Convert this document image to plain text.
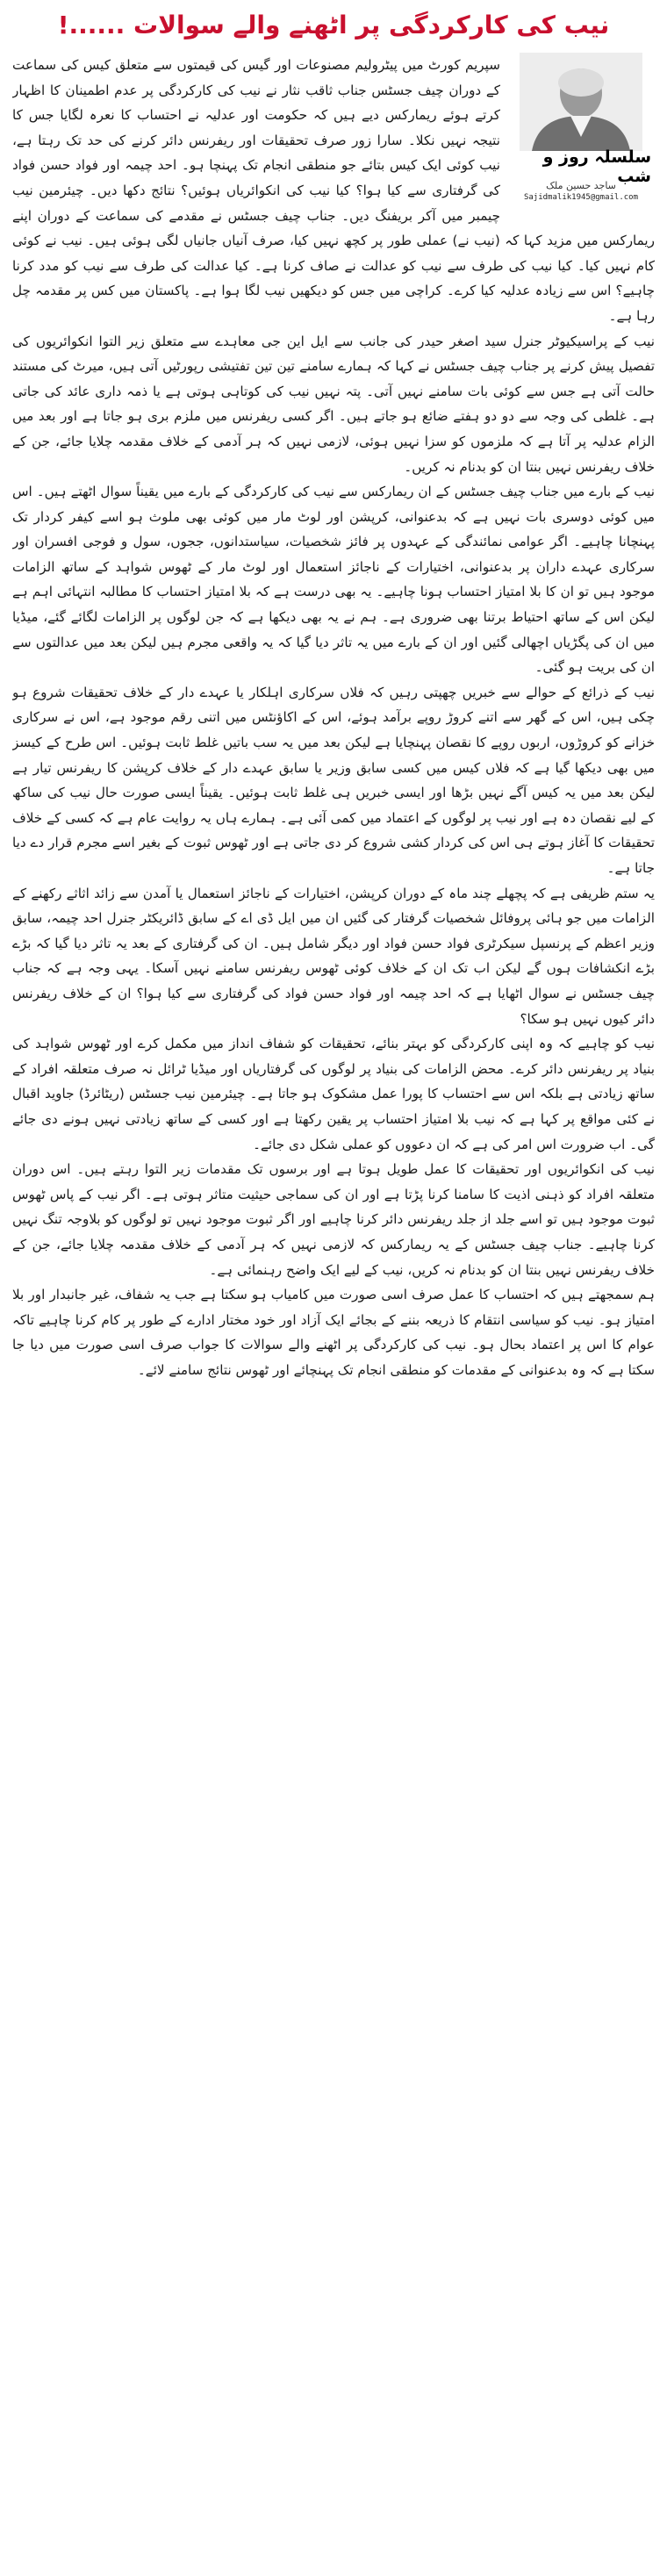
نیب کی کارکردگی پر اٹھنے والے سوالات ......!
سلسلہ روز و شب
ساجد حسین ملک
Sajidmalik1945@gmail.com

سپریم کورٹ میں پیٹرولیم مصنوعات اور گیس کی قیمتوں سے متعلق کیس کی سماعت کے دوران چیف جسٹس جناب ثاقب نثار نے نیب کی کارکردگی پر عدم اطمینان کا اظہار کرتے ہوئے ریمارکس دیے ہیں کہ حکومت اور عدلیہ نے احتساب کا نعرہ لگایا جس کا نتیجہ نہیں نکلا۔ سارا زور صرف تحقیقات اور ریفرنس دائر کرنے کی حد تک رہتا ہے، نیب کوئی ایک کیس بتائے جو منطقی انجام تک پہنچا ہو۔ احد چیمہ اور فواد حسن فواد کی گرفتاری سے کیا ہوا؟ کیا نیب کی انکوائریاں ہوئیں؟ نتائج دکھا دیں۔ چیئرمین نیب چیمبر میں آکر بریفنگ دیں۔ جناب چیف جسٹس نے مقدمے کی سماعت کے دوران اپنے ریمارکس میں مزید کہا کہ (نیب نے) عملی طور پر کچھ نہیں کیا، صرف آنیاں جانیاں لگی ہوئی ہیں۔ نیب نے کوئی کام نہیں کیا۔ کیا نیب کی طرف سے نیب کو عدالت نے صاف کرنا ہے۔ کیا عدالت کی طرف سے نیب کو مدد کرنا چاہیے؟ اس سے زیادہ عدلیہ کیا کرے۔ کراچی میں جس کو دیکھیں نیب لگا ہوا ہے۔ پاکستان میں کس پر مقدمہ چل رہا ہے۔

نیب کے پراسیکیوٹر جنرل سید اصغر حیدر کی جانب سے ایل این جی معاہدے سے متعلق زیر التوا انکوائریوں کی تفصیل پیش کرنے پر جناب چیف جسٹس نے کہا کہ ہمارے سامنے تین تین تفتیشی رپورٹیں آتی ہیں، میرٹ کی مستند حالت آتی ہے جس سے کوئی بات سامنے نہیں آتی۔ پتہ نہیں نیب کی کوتاہی ہوتی ہے یا ذمہ داری عائد کی جاتی ہے۔ غلطی کی وجہ سے دو دو ہفتے ضائع ہو جاتے ہیں۔ اگر کسی ریفرنس میں ملزم بری ہو جاتا ہے اور بعد میں الزام عدلیہ پر آتا ہے کہ ملزموں کو سزا نہیں ہوئی، لازمی نہیں کہ ہر آدمی کے خلاف مقدمہ چلایا جائے، جن کے خلاف ریفرنس نہیں بنتا ان کو بدنام نہ کریں۔

نیب کے بارے میں جناب چیف جسٹس کے ان ریمارکس سے نیب کی کارکردگی کے بارے میں یقیناً سوال اٹھتے ہیں۔ اس میں کوئی دوسری بات نہیں ہے کہ بدعنوانی، کرپشن اور لوٹ مار میں کوئی بھی ملوث ہو اسے کیفر کردار تک پہنچانا چاہیے۔ اگر عوامی نمائندگی کے عہدوں پر فائز شخصیات، سیاستدانوں، ججوں، سول و فوجی افسران اور سرکاری عہدے داران پر بدعنوانی، اختیارات کے ناجائز استعمال اور لوٹ مار کے ٹھوس شواہد کے ساتھ الزامات موجود ہیں تو ان کا بلا امتیاز احتساب ہونا چاہیے۔ یہ بھی درست ہے کہ بلا امتیاز احتساب کا مطالبہ انتہائی اہم ہے لیکن اس کے ساتھ احتیاط برتنا بھی ضروری ہے۔ ہم نے یہ بھی دیکھا ہے کہ جن لوگوں پر الزامات لگائے گئے، میڈیا میں ان کی پگڑیاں اچھالی گئیں اور ان کے بارے میں یہ تاثر دیا گیا کہ یہ واقعی مجرم ہیں لیکن بعد میں عدالتوں سے ان کی بریت ہو گئی۔

نیب کے ذرائع کے حوالے سے خبریں چھپتی رہیں کہ فلاں سرکاری اہلکار یا عہدے دار کے خلاف تحقیقات شروع ہو چکی ہیں، اس کے گھر سے اتنے کروڑ روپے برآمد ہوئے، اس کے اکاؤنٹس میں اتنی رقم موجود ہے، اس نے سرکاری خزانے کو کروڑوں، اربوں روپے کا نقصان پہنچایا ہے لیکن بعد میں یہ سب باتیں غلط ثابت ہوئیں۔ اس طرح کے کیسز میں بھی دیکھا گیا ہے کہ فلاں کیس میں کسی سابق وزیر یا سابق عہدے دار کے خلاف کرپشن کا ریفرنس تیار ہے لیکن بعد میں یہ کیس آگے نہیں بڑھا اور ایسی خبریں ہی غلط ثابت ہوئیں۔ یقیناً ایسی صورت حال نیب کی ساکھ کے لیے نقصان دہ ہے اور نیب پر لوگوں کے اعتماد میں کمی آئی ہے۔ ہمارے ہاں یہ روایت عام ہے کہ کسی کے خلاف تحقیقات کا آغاز ہوتے ہی اس کی کردار کشی شروع کر دی جاتی ہے اور ٹھوس ثبوت کے بغیر اسے مجرم قرار دے دیا جاتا ہے۔

یہ ستم ظریفی ہے کہ پچھلے چند ماہ کے دوران کرپشن، اختیارات کے ناجائز استعمال یا آمدن سے زائد اثاثے رکھنے کے الزامات میں جو ہائی پروفائل شخصیات گرفتار کی گئیں ان میں ایل ڈی اے کے سابق ڈائریکٹر جنرل احد چیمہ، سابق وزیر اعظم کے پرنسپل سیکرٹری فواد حسن فواد اور دیگر شامل ہیں۔ ان کی گرفتاری کے بعد یہ تاثر دیا گیا کہ بڑے بڑے انکشافات ہوں گے لیکن اب تک ان کے خلاف کوئی ٹھوس ریفرنس سامنے نہیں آسکا۔ یہی وجہ ہے کہ جناب چیف جسٹس نے سوال اٹھایا ہے کہ احد چیمہ اور فواد حسن فواد کی گرفتاری سے کیا ہوا؟ ان کے خلاف ریفرنس دائر کیوں نہیں ہو سکا؟

نیب کو چاہیے کہ وہ اپنی کارکردگی کو بہتر بنائے، تحقیقات کو شفاف انداز میں مکمل کرے اور ٹھوس شواہد کی بنیاد پر ریفرنس دائر کرے۔ محض الزامات کی بنیاد پر لوگوں کی گرفتاریاں اور میڈیا ٹرائل نہ صرف متعلقہ افراد کے ساتھ زیادتی ہے بلکہ اس سے احتساب کا پورا عمل مشکوک ہو جاتا ہے۔ چیئرمین نیب جسٹس (ریٹائرڈ) جاوید اقبال نے کئی مواقع پر کہا ہے کہ نیب بلا امتیاز احتساب پر یقین رکھتا ہے اور کسی کے ساتھ زیادتی نہیں ہونے دی جائے گی۔ اب ضرورت اس امر کی ہے کہ ان دعووں کو عملی شکل دی جائے۔

نیب کی انکوائریوں اور تحقیقات کا عمل طویل ہوتا ہے اور برسوں تک مقدمات زیر التوا رہتے ہیں۔ اس دوران متعلقہ افراد کو ذہنی اذیت کا سامنا کرنا پڑتا ہے اور ان کی سماجی حیثیت متاثر ہوتی ہے۔ اگر نیب کے پاس ٹھوس ثبوت موجود ہیں تو اسے جلد از جلد ریفرنس دائر کرنا چاہیے اور اگر ثبوت موجود نہیں تو لوگوں کو بلاوجہ تنگ نہیں کرنا چاہیے۔ جناب چیف جسٹس کے یہ ریمارکس کہ لازمی نہیں کہ ہر آدمی کے خلاف مقدمہ چلایا جائے، جن کے خلاف ریفرنس نہیں بنتا ان کو بدنام نہ کریں، نیب کے لیے ایک واضح رہنمائی ہے۔

ہم سمجھتے ہیں کہ احتساب کا عمل صرف اسی صورت میں کامیاب ہو سکتا ہے جب یہ شفاف، غیر جانبدار اور بلا امتیاز ہو۔ نیب کو سیاسی انتقام کا ذریعہ بننے کے بجائے ایک آزاد اور خود مختار ادارے کے طور پر کام کرنا چاہیے تاکہ عوام کا اس پر اعتماد بحال ہو۔ نیب کی کارکردگی پر اٹھنے والے سوالات کا جواب صرف اسی صورت میں دیا جا سکتا ہے کہ وہ بدعنوانی کے مقدمات کو منطقی انجام تک پہنچائے اور ٹھوس نتائج سامنے لائے۔
